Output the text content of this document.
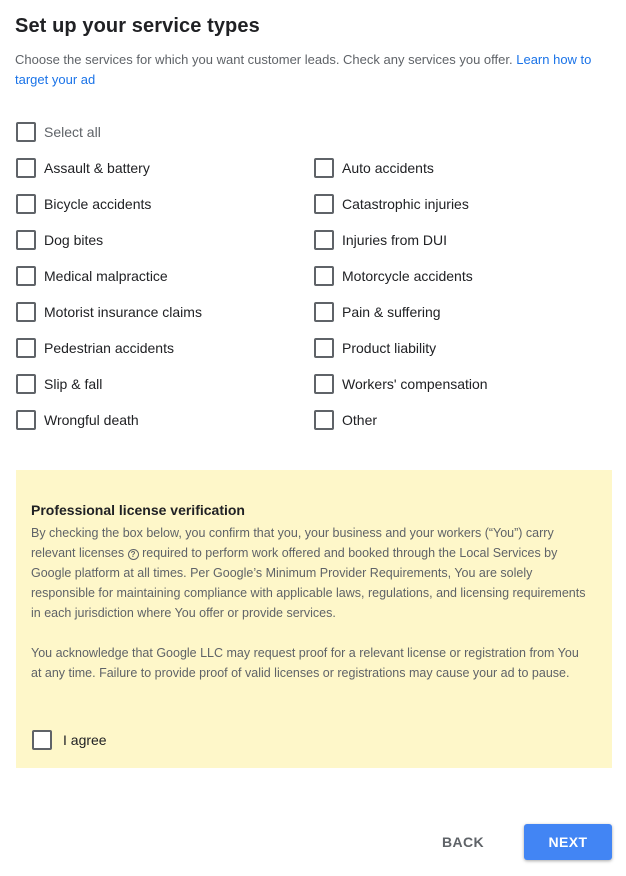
Set up your service types

Choose the services for which you want customer leads. Check any services you offer. Learn how to target your ad

Select all
Assault & battery
Bicycle accidents
Dog bites
Medical malpractice
Motorist insurance claims
Pedestrian accidents
Slip & fall
Wrongful death
Auto accidents
Catastrophic injuries
Injuries from DUI
Motorcycle accidents
Pain & suffering
Product liability
Workers' compensation
Other
Professional license verification

By checking the box below, you confirm that you, your business and your workers (“You”) carry relevant licenses ? required to perform work offered and booked through the Local Services by Google platform at all times. Per Google’s Minimum Provider Requirements, You are solely responsible for maintaining compliance with applicable laws, regulations, and licensing requirements in each jurisdiction where You offer or provide services.

You acknowledge that Google LLC may request proof for a relevant license or registration from You at any time. Failure to provide proof of valid licenses or registrations may cause your ad to pause.

I agree
BACK	NEXT
